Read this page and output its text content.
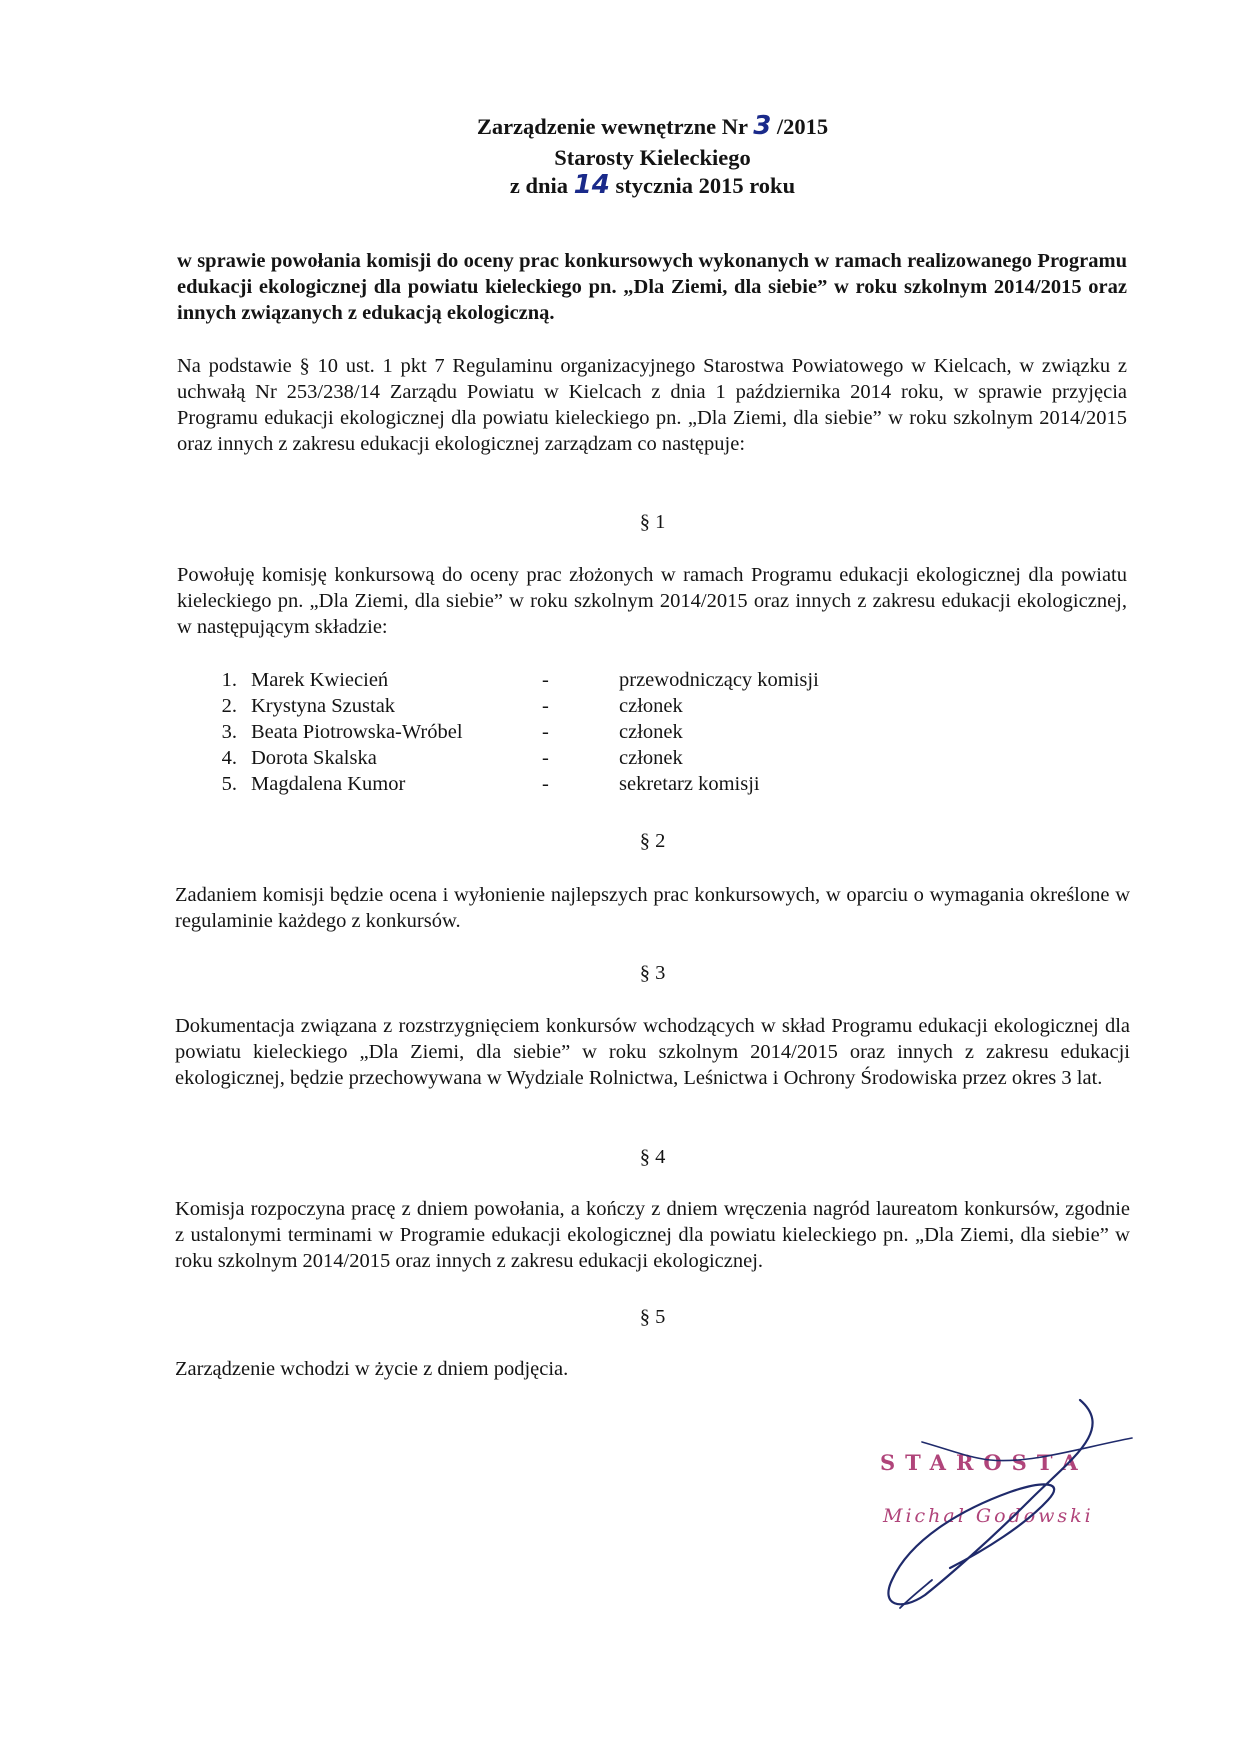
Zarządzenie wewnętrzne Nr 3 /2015
Starosty Kieleckiego
z dnia 14 stycznia 2015 roku
w sprawie powołania komisji do oceny prac konkursowych wykonanych w ramach realizowanego Programu edukacji ekologicznej dla powiatu kieleckiego pn. „Dla Ziemi, dla siebie” w roku szkolnym 2014/2015 oraz innych związanych z edukacją ekologiczną.
Na podstawie § 10 ust. 1 pkt 7 Regulaminu organizacyjnego Starostwa Powiatowego w Kielcach, w związku z uchwałą Nr 253/238/14 Zarządu Powiatu w Kielcach z dnia 1 października 2014 roku, w sprawie przyjęcia Programu edukacji ekologicznej dla powiatu kieleckiego pn. „Dla Ziemi, dla siebie” w roku szkolnym 2014/2015 oraz innych z zakresu edukacji ekologicznej zarządzam co następuje:
§ 1
Powołuję komisję konkursową do oceny prac złożonych w ramach Programu edukacji ekologicznej dla powiatu kieleckiego pn. „Dla Ziemi, dla siebie” w roku szkolnym 2014/2015 oraz innych z zakresu edukacji ekologicznej, w następującym składzie:
1. Marek Kwiecień	-	przewodniczący komisji
2. Krystyna Szustak	-	członek
3. Beata Piotrowska-Wróbel	-	członek
4. Dorota Skalska	-	członek
5. Magdalena Kumor	-	sekretarz komisji
§ 2
Zadaniem komisji będzie ocena i wyłonienie najlepszych prac konkursowych, w oparciu o wymagania określone w regulaminie każdego z konkursów.
§ 3
Dokumentacja związana z rozstrzygnięciem konkursów wchodzących w skład Programu edukacji ekologicznej dla powiatu kieleckiego „Dla Ziemi, dla siebie” w roku szkolnym 2014/2015 oraz innych z zakresu edukacji ekologicznej, będzie przechowywana w Wydziale Rolnictwa, Leśnictwa i Ochrony Środowiska przez okres 3 lat.
§ 4
Komisja rozpoczyna pracę z dniem powołania, a kończy z dniem wręczenia nagród laureatom konkursów, zgodnie z ustalonymi terminami w Programie edukacji ekologicznej dla powiatu kieleckiego pn. „Dla Ziemi, dla siebie” w roku szkolnym 2014/2015 oraz innych z zakresu edukacji ekologicznej.
§ 5
Zarządzenie wchodzi w życie z dniem podjęcia.
STAROSTA
Michał Godowski
